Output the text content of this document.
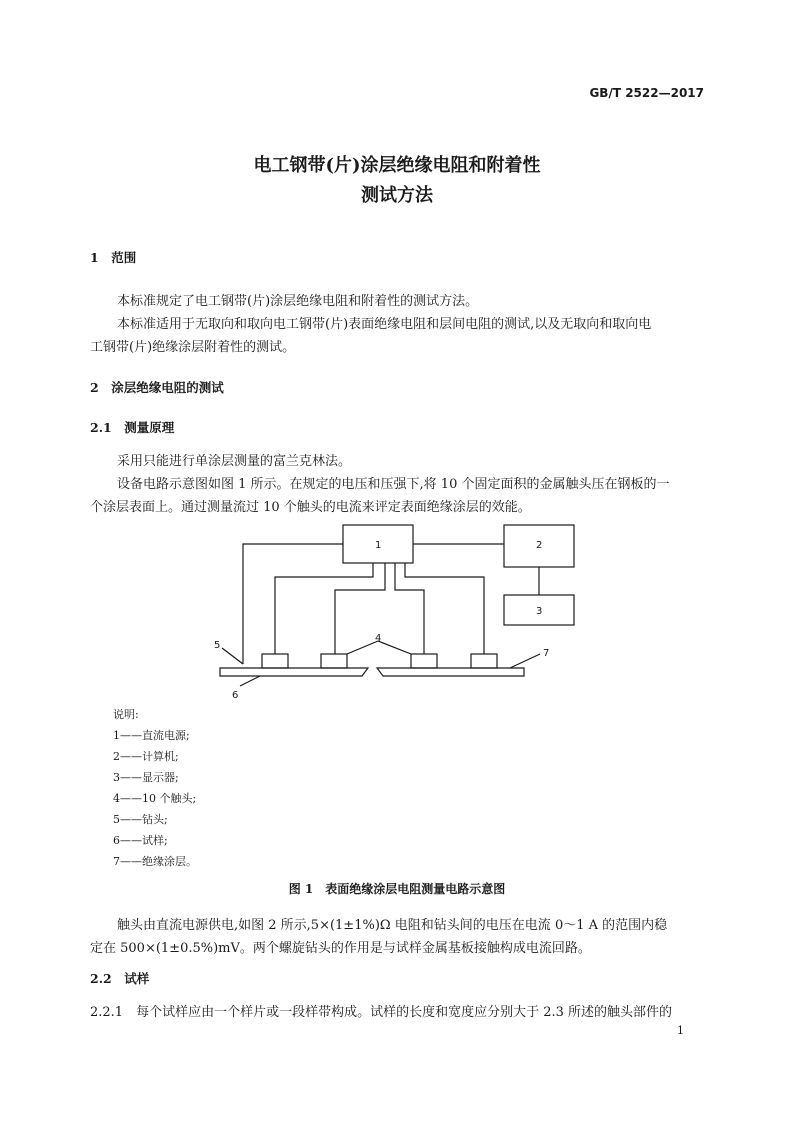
GB/T 2522—2017
电工钢带(片)涂层绝缘电阻和附着性
测试方法
1　范围
本标准规定了电工钢带(片)涂层绝缘电阻和附着性的测试方法。
本标准适用于无取向和取向电工钢带(片)表面绝缘电阻和层间电阻的测试,以及无取向和取向电
工钢带(片)绝缘涂层附着性的测试。
2　涂层绝缘电阻的测试
2.1　测量原理
采用只能进行单涂层测量的富兰克林法。
设备电路示意图如图 1 所示。在规定的电压和压强下,将 10 个固定面积的金属触头压在钢板的一
个涂层表面上。通过测量流过 10 个触头的电流来评定表面绝缘涂层的效能。
1	2
3
4
5
6
7
说明:
1——直流电源;
2——计算机;
3——显示器;
4——10 个触头;
5——钻头;
6——试样;
7——绝缘涂层。
图 1　表面绝缘涂层电阻测量电路示意图
触头由直流电源供电,如图 2 所示,5×(1±1%)Ω 电阻和钻头间的电压在电流 0～1 A 的范围内稳
定在 500×(1±0.5%)mV。两个螺旋钻头的作用是与试样金属基板接触构成电流回路。
2.2　试样
2.2.1　每个试样应由一个样片或一段样带构成。试样的长度和宽度应分别大于 2.3 所述的触头部件的
1
